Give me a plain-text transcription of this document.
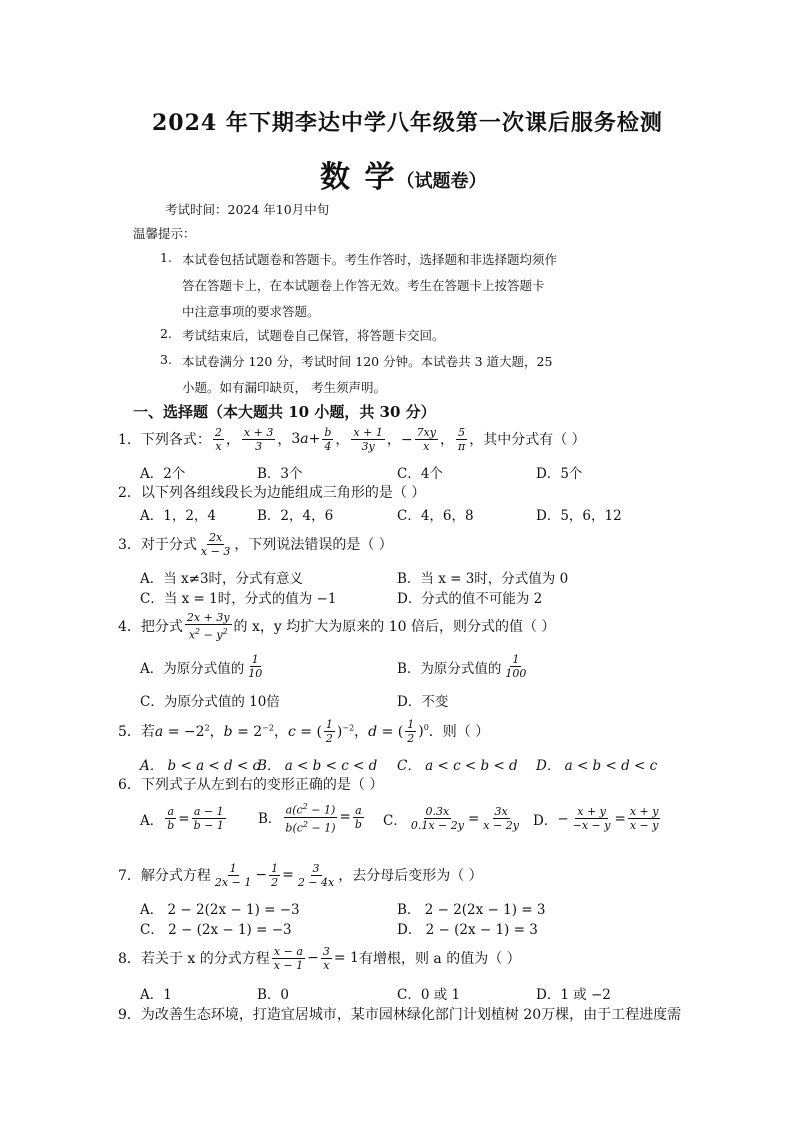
2024 年下期李达中学八年级第一次课后服务检测
数 学（试题卷）
考试时间：2024 年10月中旬
温馨提示：
1. 本试卷包括试题卷和答题卡。考生作答时，选择题和非选择题均须作
答在答题卡上，在本试题卷上作答无效。考生在答题卡上按答题卡
中注意事项的要求答题。
2. 考试结束后，试题卷自己保管，将答题卡交回。
3. 本试卷满分 120 分，考试时间 120 分钟。本试卷共 3 道大题，25
小题。如有漏印缺页， 考生须声明。
一、选择题（本大题共 10 小题，共 30 分）
1．下列各式： $\frac{2}{x}$ ， $\frac{x + 3}{3}$ ， $3a+ \frac{b}{4}$ ， $\frac{x + 1}{3y}$ ，− $\frac{7xy}{x}$ ， $\frac{5}{\pi}$ ，其中分式有（ ）
A．2个	B．3个	C．4个	D．5个
2．以下列各组线段长为边能组成三角形的是（ ）
A．1，2，4	B．2，4，6	C．4，6，8	D．5，6，12
3．对于分式 $\frac{2x}{x - 3}$ ，下列说法错误的是（ ）
A．当 x≠3时，分式有意义	B．当 x = 3时，分式值为 0
C．当 x = 1时，分式的值为 −1	D．分式的值不可能为 2
4．把分式 $\frac{2x + 3y}{x^2 - y^2}$ 的 x，y 均扩大为原来的 10 倍后，则分式的值（ ）
A．为原分式值的 $\frac{1}{10}$	B．为原分式值的 $\frac{1}{100}$
C．为原分式值的 10倍	D．不变
5．若 $a = -2^2$，$b = 2^{-2}$，c = ( $\frac{1}{2} )^{-2}$，d = ( $\frac{1}{2} )^0$ ．则（ ）
A． b < a < d < c
B． a < b < c < d C． a < c < b < d D． a < b < d < c
6．下列式子从左到右的变形正确的是（ ）
A． $\frac{a}{b} = \frac{a - 1}{b - 1}$ B． $\frac{a(c^2 - 1)}{b(c^2 - 1)} = \frac{a}{b}$ C． $\frac{0.3x}{0.1x - 2y} = \frac{3x}{x - 2y}$ D． − $\frac{x + y}{-x - y} = \frac{x + y}{x - y}$
7．解分式方程 $\frac{1}{2x - 1} - \frac{1}{2} = \frac{3}{2 - 4x}$ ，去分母后变形为（ ）
A． 2 − 2(2x − 1) = −3	B． 2 − 2(2x − 1) = 3
C． 2 − (2x − 1) = −3	D． 2 − (2x − 1) = 3
8．若关于 x 的分式方程 $\frac{x - a}{x - 1} - \frac{3}{x} = 1$ 有增根，则 a 的值为（ ）
A．1	B．0	C．0 或 1	D．1 或 −2
9．为改善生态环境，打造宜居城市，某市园林绿化部门计划植树 20万棵，由于工程进度需
